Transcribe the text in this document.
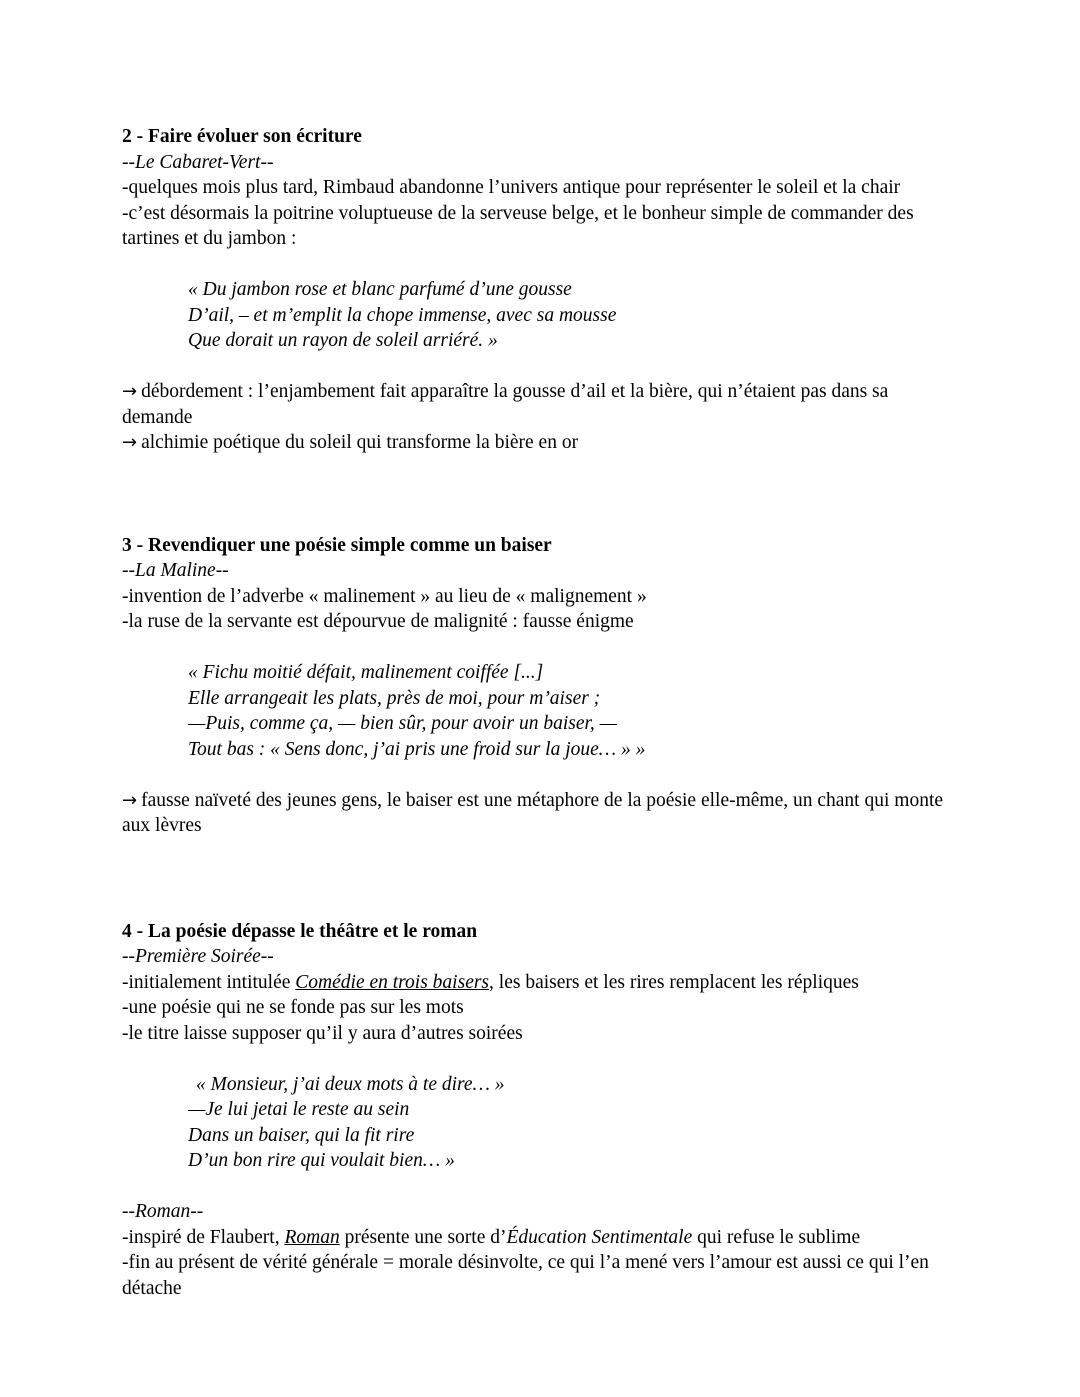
2 - Faire évoluer son écriture

--Le Cabaret-Vert--

-quelques mois plus tard, Rimbaud abandonne l’univers antique pour représenter le soleil et la chair

-c’est désormais la poitrine voluptueuse de la serveuse belge, et le bonheur simple de commander des tartines et du jambon :

« Du jambon rose et blanc parfumé d’une gousse

D’ail, – et m’emplit la chope immense, avec sa mousse

Que dorait un rayon de soleil arriéré. »

→ débordement : l’enjambement fait apparaître la gousse d’ail et la bière, qui n’étaient pas dans sa demande

→ alchimie poétique du soleil qui transforme la bière en or

3 - Revendiquer une poésie simple comme un baiser

--La Maline--

-invention de l’adverbe « malinement » au lieu de « malignement »

-la ruse de la servante est dépourvue de malignité : fausse énigme

« Fichu moitié défait, malinement coiffée [...]

Elle arrangeait les plats, près de moi, pour m’aiser ;

—Puis, comme ça, — bien sûr, pour avoir un baiser, —

Tout bas : « Sens donc, j’ai pris une froid sur la joue… » »

→ fausse naïveté des jeunes gens, le baiser est une métaphore de la poésie elle-même, un chant qui monte aux lèvres

4 - La poésie dépasse le théâtre et le roman

--Première Soirée--

-initialement intitulée Comédie en trois baisers, les baisers et les rires remplacent les répliques

-une poésie qui ne se fonde pas sur les mots

-le titre laisse supposer qu’il y aura d’autres soirées

« Monsieur, j’ai deux mots à te dire… »

—Je lui jetai le reste au sein

Dans un baiser, qui la fit rire

D’un bon rire qui voulait bien… »

--Roman--

-inspiré de Flaubert, Roman présente une sorte d’Éducation Sentimentale qui refuse le sublime

-fin au présent de vérité générale = morale désinvolte, ce qui l’a mené vers l’amour est aussi ce qui l’en détache
